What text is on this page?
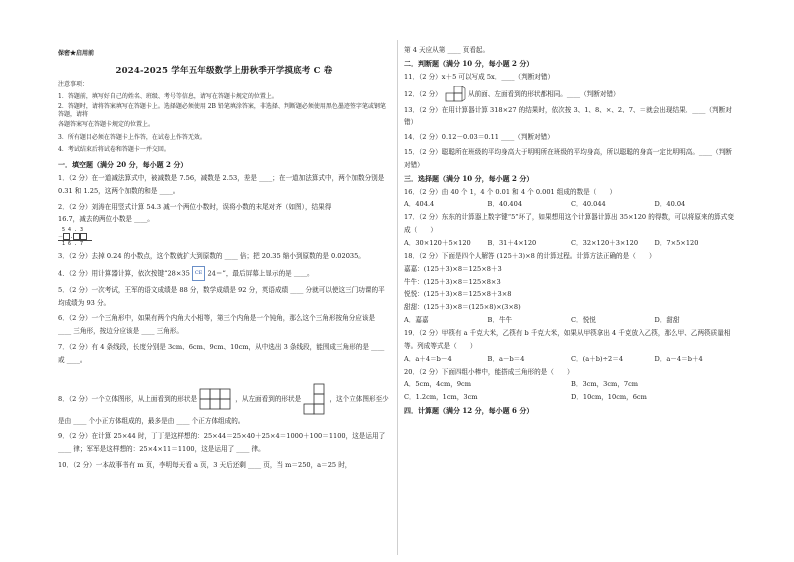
保密★启用前
2024-2025 学年五年级数学上册秋季开学摸底考 C 卷
注意事项：
1．答题前，填写好自己的姓名、班级、考号等信息，请写在答题卡规定的位置上。
2．答题时，请将答案填写在答题卡上。选择题必须使用 2B 铅笔填涂答案，非选择、判断题必须使用黑色墨迹签字笔或钢笔答题，请将
各题答案写在答题卡规定的位置上。
3．所有题目必须在答题卡上作答，在试卷上作答无效。
4．考试结束后将试卷和答题卡一并交回。
一．填空题（满分 20 分，每小题 2 分）
1．（2 分）在一道减法算式中，被减数是 7.56，减数是 2.53，差是 ____；在一道加法算式中，两个加数分别是 0.31 和 1.25，这两个加数的和是 ____。
2．（2 分）刘涛在用竖式计算 54.3 减一个两位小数时，误将小数的末尾对齐（如图），结果得
16.7，减去的两位小数是 ____。
5 4 . 3
－ .
1 6 . 7
3．（2 分）去掉 0.24 的小数点，这个数就扩大到原数的 ____ 倍；把 20.35 缩小到原数的是 0.02035。
4．（2 分）用计算器计算，依次按键“28×35 CE 24＝”，最后屏幕上显示的是 ____。
5．（2 分）一次考试，王军的语文成绩是 88 分，数学成绩是 92 分，英语成绩 ____ 分就可以使这三门功课的平均成绩为 93 分。
6．（2 分）一个三角形中，如果有两个内角大小相等，第三个内角是一个钝角，那么这个三角形按角分应该是 ____ 三角形，按边分应该是 ____ 三角形。
7．（2 分）有 4 条线段，长度分别是 3cm、6cm、9cm、10cm，从中选出 3 条线段，能围成三角形的是 ____ 或 ____。
8．（2 分）一个立体图形，从上面看到的形状是	，从左面看到的形状是	，这个立体图形至少是由 ____ 个小正方体组成的，最多是由 ____ 个正方体组成的。
9．（2 分）在计算 25×44 时，丁丁是这样想的：25×44＝25×40＋25×4＝1000＋100＝1100，这是运用了 ____ 律；军军是这样想的：25×4×11＝1100，这是运用了 ____ 律。
10．（2 分）一本故事书有 m 页，李明每天看 a 页，3 天后还剩 ____ 页，当 m＝250，a＝25 时，
第 4 天应从第 ____ 页看起。
二．判断题（满分 10 分，每小题 2 分）
11．（2 分）x＋5 可以写成 5x．____（判断对错）
12．（2 分）	从前面、左面看到的形状都相同。____（判断对错）
13．（2 分）在用计算器计算 318×27 的结果时，依次按 3、1、8、×、2、7、＝就会出现结果．____（判断对错）
14．（2 分）0.12－0.03＝0.11 ____（判断对错）
15．（2 分）聪聪所在班级的平均身高大于明明所在班级的平均身高，所以聪聪的身高一定比明明高。____（判断对错）
三．选择题（满分 10 分，每小题 2 分）
16．（2 分）由 40 个 1，4 个 0.01 和 4 个 0.001 组成的数是（　　）
A．404.4	B．40.404	C．40.044	D．40.04
17．（2 分）东东的计算器上数字键“5”坏了，如果想用这个计算器计算出 35×120 的得数，可以将原来的算式变成（　　）
A．30×120＋5×120	B．31＋4×120	C．32×120＋3×120	D．7×5×120
18．（2 分）下面是四个人解答 (125＋3)×8 的计算过程。计算方法正确的是（　　）
嘉嘉：(125＋3)×8＝125×8＋3
牛牛：(125＋3)×8＝125×8×3
悦悦：(125＋3)×8＝125×8＋3×8
甜甜：(125＋3)×8＝(125×8)×(3×8)
A．嘉嘉	B．牛牛	C．悦悦	D．甜甜
19．（2 分）甲筷有 a 千克大米，乙筷有 b 千克大米，如果从甲筷拿出 4 千克放入乙筷，那么甲、乙两筷质量相等。列成等式是（　　）
A．a＋4＝b－4	B．a－b＝4	C．(a＋b)÷2＝4	D．a－4＝b＋4
20．（2 分）下面四组小棒中，能搭成三角形的是（　　）
A．5cm，4cm，9cm	B．3cm，3cm，7cm
C．1.2cm，1cm，3cm	D．10cm，10cm，6cm
四．计算题（满分 12 分，每小题 6 分）
